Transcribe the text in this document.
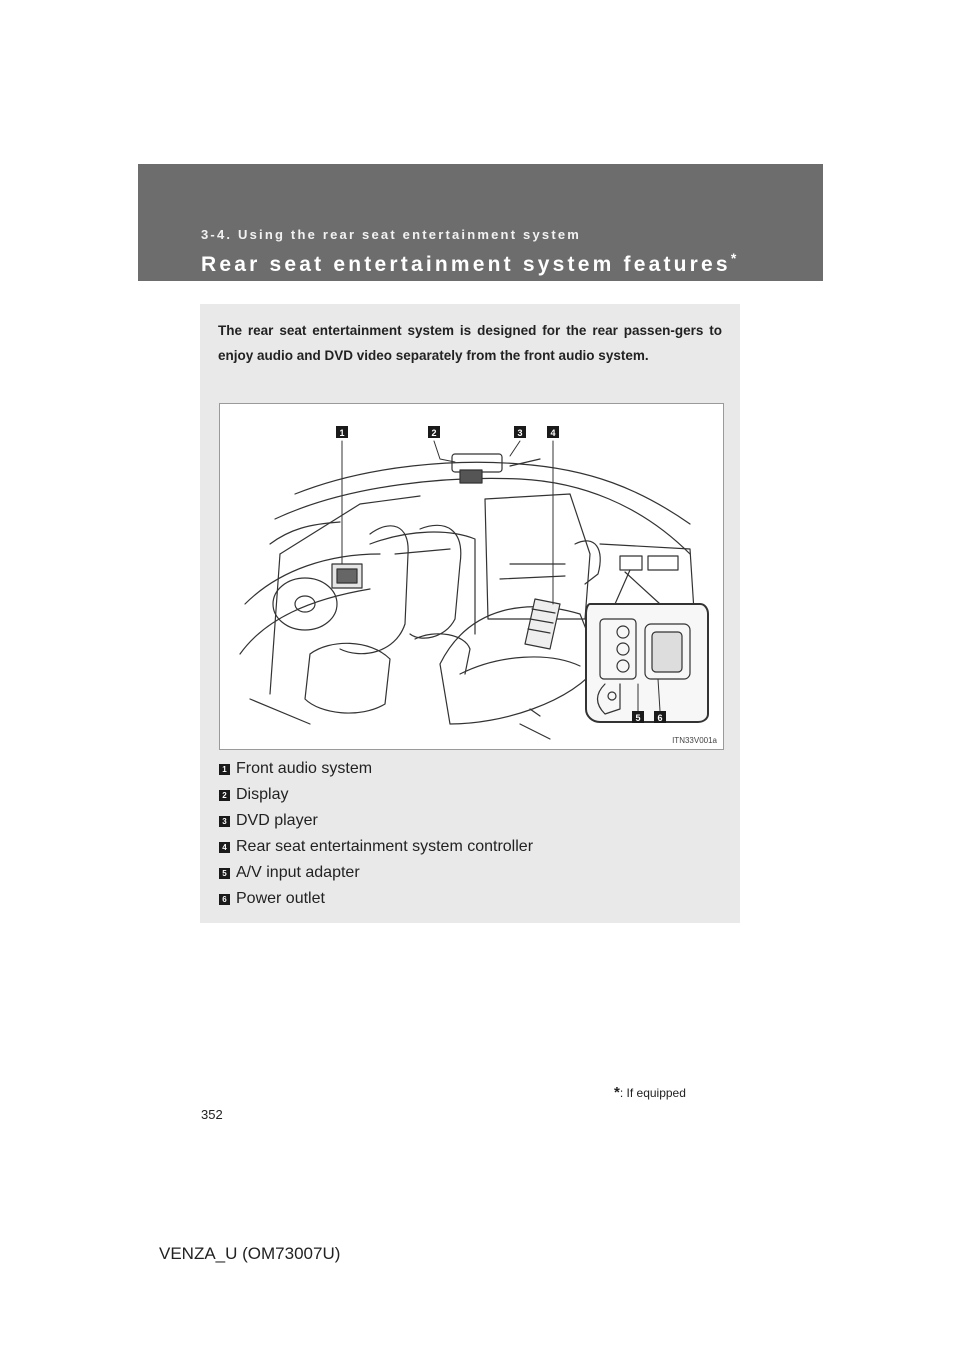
3-4. Using the rear seat entertainment system
Rear seat entertainment system features*
The rear seat entertainment system is designed for the rear passen-gers to enjoy audio and DVD video separately from the front audio system.
1	2	3	4
5 6
ITN33V001a
1 Front audio system
2 Display
3 DVD player
4 Rear seat entertainment system controller
5 A/V input adapter
6 Power outlet
*: If equipped
352
VENZA_U (OM73007U)
